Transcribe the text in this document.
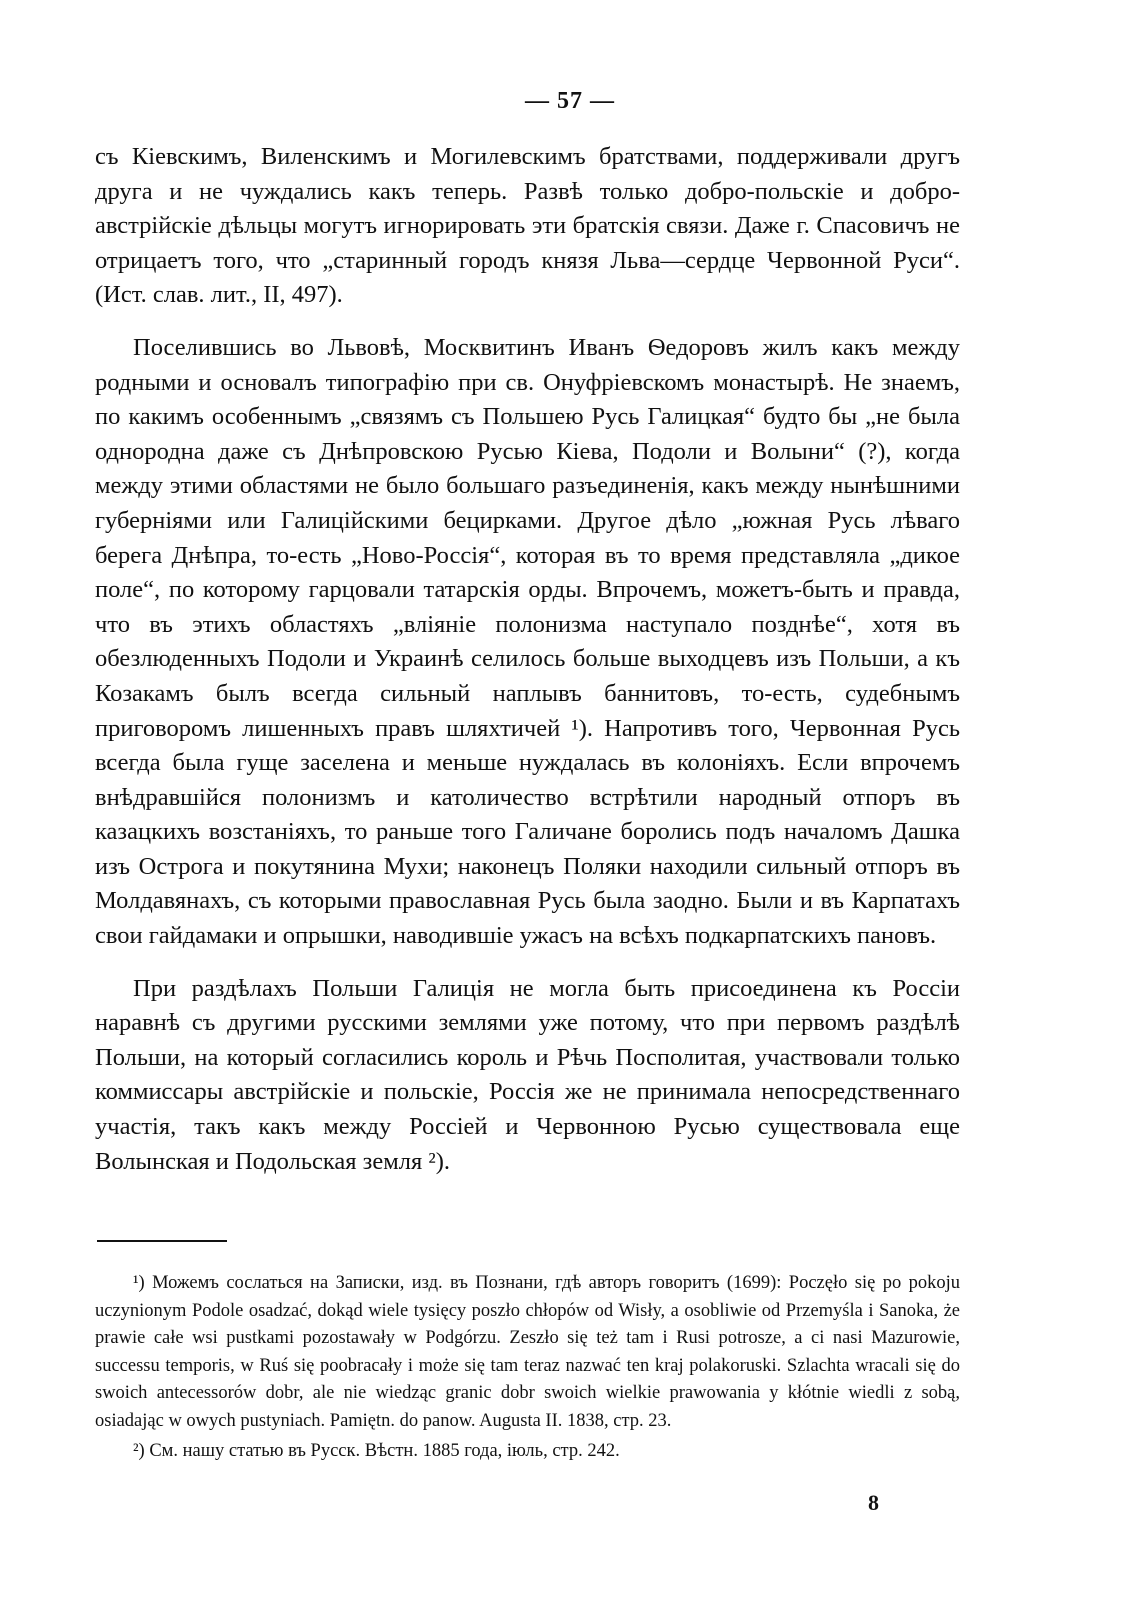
— 57 —

съ Кіевскимъ, Виленскимъ и Могилевскимъ братствами, поддерживали другъ друга и не чуждались какъ теперь. Развѣ только добро-польскіе и добро-австрійскіе дѣльцы могутъ игнорировать эти братскія связи. Даже г. Спасовичъ не отрицаетъ того, что „старинный городъ князя Льва—сердце Червонной Руси“. (Ист. слав. лит., II, 497).

Поселившись во Львовѣ, Москвитинъ Иванъ Ѳедоровъ жилъ какъ между родными и основалъ типографію при св. Онуфріевскомъ монастырѣ. Не знаемъ, по какимъ особеннымъ „связямъ съ Польшею Русь Галицкая“ будто бы „не была однородна даже съ Днѣпровскою Русью Кіева, Подоли и Волыни“ (?), когда между этими областями не было большаго разъединенія, какъ между нынѣшними губерніями или Галиційскими бецирками. Другое дѣло „южная Русь лѣваго берега Днѣпра, то-есть „Ново-Россія“, которая въ то время представляла „дикое поле“, по которому гарцовали татарскія орды. Впрочемъ, можетъ-быть и правда, что въ этихъ областяхъ „вліяніе полонизма наступало позднѣе“, хотя въ обезлюденныхъ Подоли и Украинѣ селилось больше выходцевъ изъ Польши, а къ Козакамъ былъ всегда сильный наплывъ баннитовъ, то-есть, судебнымъ приговоромъ лишенныхъ правъ шляхтичей ¹). Напротивъ того, Червонная Русь всегда была гуще заселена и меньше нуждалась въ колоніяхъ. Если впрочемъ внѣдравшійся полонизмъ и католичество встрѣтили народный отпоръ въ казацкихъ возстаніяхъ, то раньше того Галичане боролись подъ началомъ Дашка изъ Острога и покутянина Мухи; наконецъ Поляки находили сильный отпоръ въ Молдавянахъ, съ которыми православная Русь была заодно. Были и въ Карпатахъ свои гайдамаки и опрышки, наводившіе ужасъ на всѣхъ подкарпатскихъ пановъ.

При раздѣлахъ Польши Галиція не могла быть присоединена къ Россіи наравнѣ съ другими русскими землями уже потому, что при первомъ раздѣлѣ Польши, на который согласились король и Рѣчь Посполитая, участвовали только коммиссары австрійскіе и польскіе, Россія же не принимала непосредственнаго участія, такъ какъ между Россіей и Червонною Русью существовала еще Волынская и Подольская земля ²).

¹) Можемъ сослаться на Записки, изд. въ Познани, гдѣ авторъ говоритъ (1699): Poczęło się po pokoju uczynionym Podole osadzać, dokąd wiele tysięcy poszło chłopów od Wisły, a osobliwie od Przemyśla i Sanoka, że prawie całe wsi pustkami pozostawały w Podgórzu. Zeszło się też tam i Rusi potrosze, a ci nasi Mazurowie, successu temporis, w Ruś się poobracały i może się tam teraz nazwać ten kraj polakoruski. Szlachta wracali się do swoich antecessorów dobr, ale nie wiedząc granic dobr swoich wielkie prawowania y kłótnie wiedli z sobą, osiadając w owych pustyniach. Pamiętn. do panow. Augusta II. 1838, стр. 23.

²) См. нашу статью въ Русск. Вѣстн. 1885 года, іюль, стр. 242.

8
